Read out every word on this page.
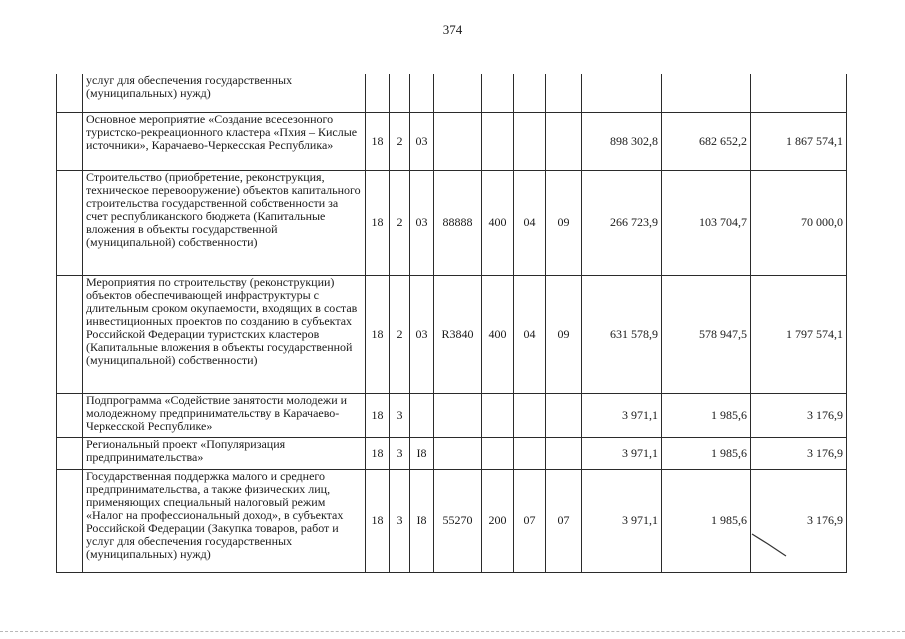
374
	услуг для обеспечения государственных (муниципальных) нужд)										
	Основное мероприятие «Создание всесезонного туристско-рекреационного кластера «Пхия – Кислые источники», Карачаево-Черкесская Республика»	18	2	03					898 302,8	682 652,2	1 867 574,1
	Строительство (приобретение, реконструкция, техническое перевооружение) объектов капитального строительства государственной собственности за счет республиканского бюджета (Капитальные вложения в объекты государственной (муниципальной) собственности)	18	2	03	88888	400	04	09	266 723,9	103 704,7	70 000,0
	Мероприятия по строительству (реконструкции) объектов обеспечивающей инфраструктуры с длительным сроком окупаемости, входящих в состав инвестиционных проектов по созданию в субъектах Российской Федерации туристских кластеров (Капитальные вложения в объекты государственной (муниципальной) собственности)	18	2	03	R3840	400	04	09	631 578,9	578 947,5	1 797 574,1
	Подпрограмма «Содействие занятости молодежи и молодежному предпринимательству в Карачаево-Черкесской Республике»	18	3						3 971,1	1 985,6	3 176,9
	Региональный проект «Популяризация предпринимательства»	18	3	I8					3 971,1	1 985,6	3 176,9
	Государственная поддержка малого и среднего предпринимательства, а также физических лиц, применяющих специальный налоговый режим «Налог на профессиональный доход», в субъектах Российской Федерации (Закупка товаров, работ и услуг для обеспечения государственных (муниципальных) нужд)	18	3	I8	55270	200	07	07	3 971,1	1 985,6	3 176,9
